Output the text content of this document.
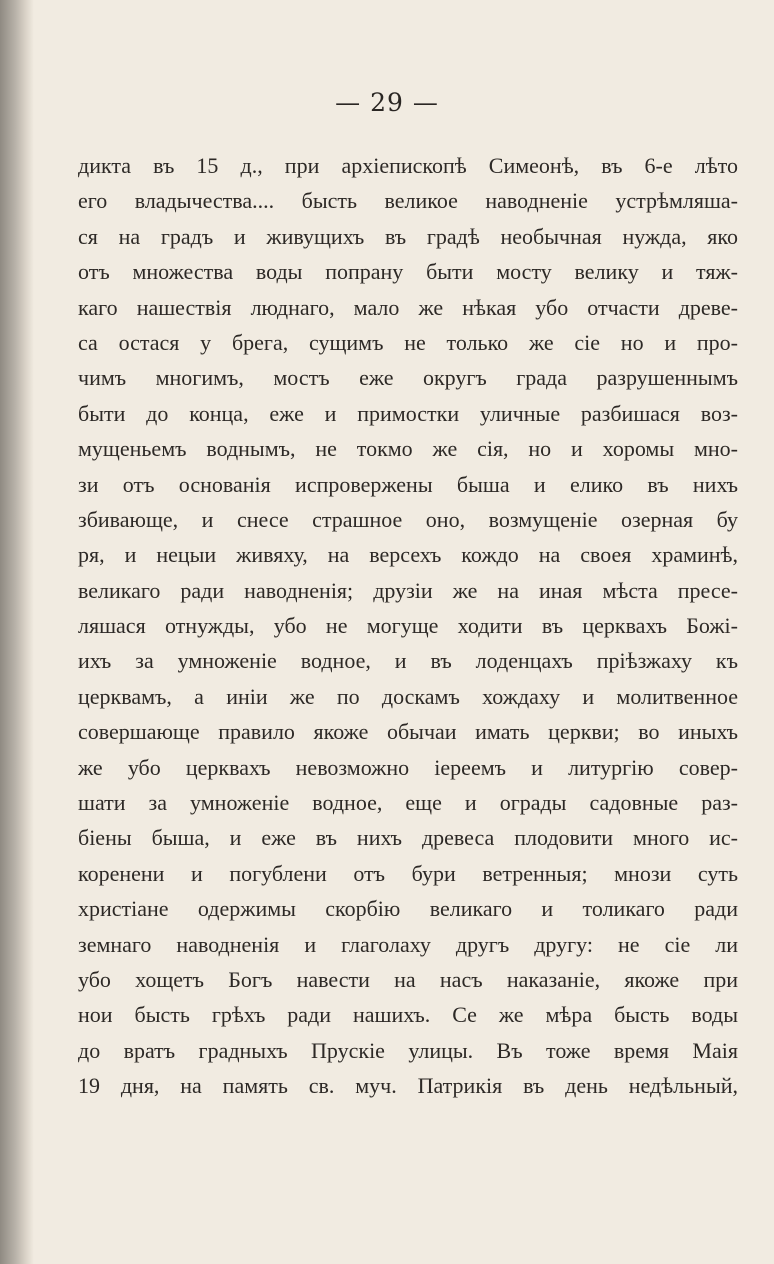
— 29 —

дикта въ 15 д., при архіепископѣ Симеонѣ, въ 6-е лѣто
его владычества.... бысть великое наводненіе устрѣмляша-
ся на градъ и живущихъ въ градѣ необычная нужда, яко
отъ множества воды попрану быти мосту велику и тяж-
каго нашествія люднаго, мало же нѣкая убо отчасти древе-
са остася у брега, сущимъ не только же сіе но и про-
чимъ многимъ, мостъ еже округъ града разрушеннымъ
быти до конца, еже и примостки уличные разбишася воз-
мущеньемъ воднымъ, не токмо же сія, но и хоромы мно-
зи отъ основанія испровержены быша и елико въ нихъ
збивающе, и снесе страшное оно, возмущеніе озерная бу
ря, и нецыи живяху, на версехъ кождо на своея храминѣ,
великаго ради наводненія; друзіи же на иная мѣста пресе-
ляшася отнужды, убо не могуще ходити въ церквахъ Божі-
ихъ за умноженіе водное, и въ лоденцахъ пріѣзжаху къ
церквамъ, а иніи же по доскамъ хождаху и молитвенное
совершающе правило якоже обычаи имать церкви; во иныхъ
же убо церквахъ невозможно іереемъ и литургію совер-
шати за умноженіе водное, еще и ограды садовные раз-
біены быша, и еже въ нихъ древеса плодовити много ис-
коренени и погублени отъ бури ветренныя; мнози суть
христіане одержимы скорбію великаго и толикаго ради
земнаго наводненія и глаголаху другъ другу: не сіе ли
убо хощетъ Богъ навести на насъ наказаніе, якоже при
нои бысть грѣхъ ради нашихъ. Се же мѣра бысть воды
до вратъ градныхъ Прускіе улицы. Въ тоже время Маія
19 дня, на память св. муч. Патрикія въ день недѣльный,
